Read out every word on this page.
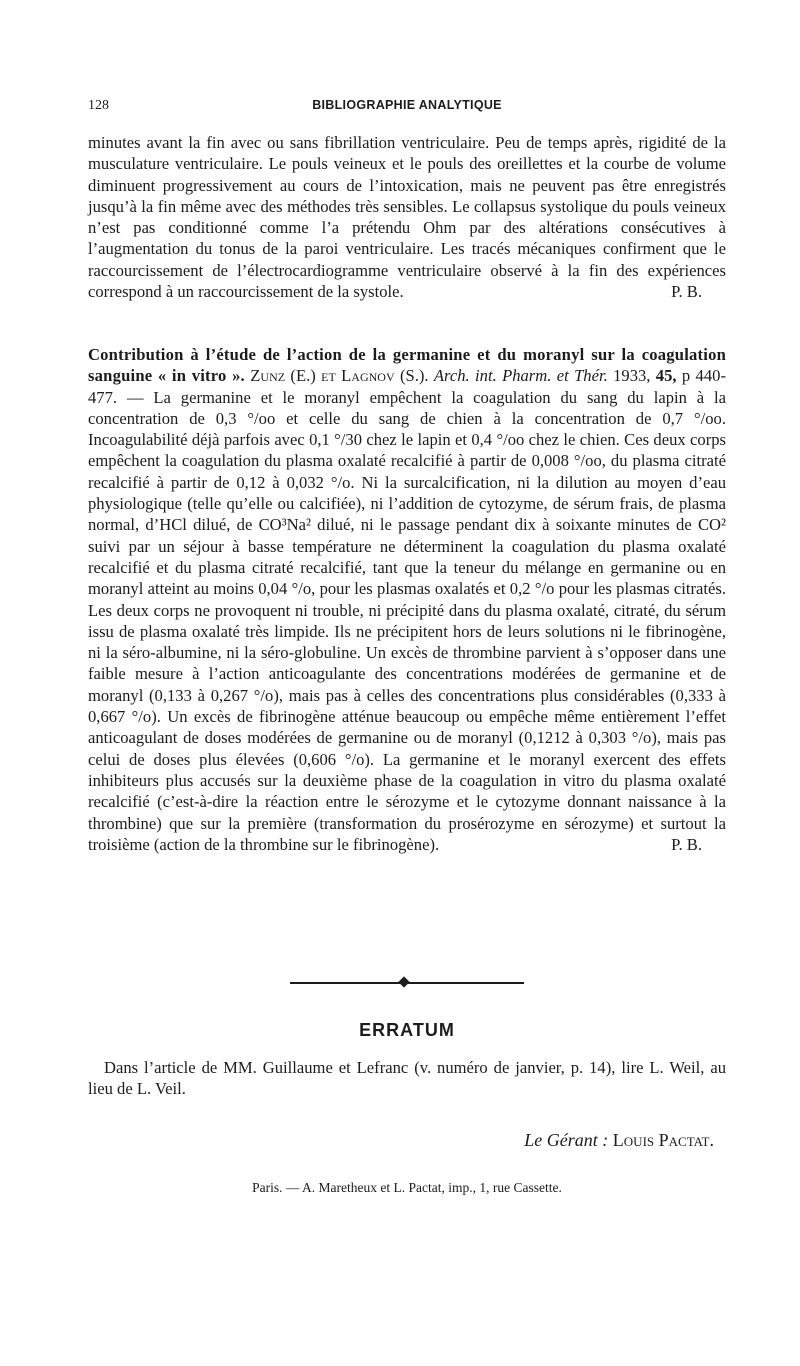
128	BIBLIOGRAPHIE ANALYTIQUE
minutes avant la fin avec ou sans fibrillation ventriculaire. Peu de temps après, rigidité de la musculature ventriculaire. Le pouls veineux et le pouls des oreillettes et la courbe de volume diminuent progressivement au cours de l’intoxication, mais ne peuvent pas être enregistrés jusqu’à la fin même avec des méthodes très sensibles. Le collapsus systolique du pouls veineux n’est pas conditionné comme l’a prétendu Ohm par des altérations consécutives à l’augmentation du tonus de la paroi ventriculaire. Les tracés mécaniques confirment que le raccourcissement de l’électrocardiogramme ventriculaire observé à la fin des expériences correspond à un raccourcissement de la systole.	P. B.
Contribution à l’étude de l’action de la germanine et du moranyl sur la coagulation sanguine « in vitro ». Zunz (E.) et Lagnov (S.). Arch. int. Pharm. et Thér. 1933, 45, p 440-477. — La germanine et le moranyl empêchent la coagulation du sang du lapin à la concentration de 0,3 °/oo et celle du sang de chien à la concentration de 0,7 °/oo. Incoagulabilité déjà parfois avec 0,1 °/30 chez le lapin et 0,4 °/oo chez le chien. Ces deux corps empêchent la coagulation du plasma oxalaté recalcifié à partir de 0,008 °/oo, du plasma citraté recalcifié à partir de 0,12 à 0,032 °/o. Ni la surcalcification, ni la dilution au moyen d’eau physiologique (telle qu’elle ou calcifiée), ni l’addition de cytozyme, de sérum frais, de plasma normal, d’HCl dilué, de CO³Na² dilué, ni le passage pendant dix à soixante minutes de CO² suivi par un séjour à basse température ne déterminent la coagulation du plasma oxalaté recalcifié et du plasma citraté recalcifié, tant que la teneur du mélange en germanine ou en moranyl atteint au moins 0,04 °/o, pour les plasmas oxalatés et 0,2 °/o pour les plasmas citratés. Les deux corps ne provoquent ni trouble, ni précipité dans du plasma oxalaté, citraté, du sérum issu de plasma oxalaté très limpide. Ils ne précipitent hors de leurs solutions ni le fibrinogène, ni la séro-albumine, ni la séro-globuline. Un excès de thrombine parvient à s’opposer dans une faible mesure à l’action anticoagulante des concentrations modérées de germanine et de moranyl (0,133 à 0,267 °/o), mais pas à celles des concentrations plus considérables (0,333 à 0,667 °/o). Un excès de fibrinogène atténue beaucoup ou empêche même entièrement l’effet anticoagulant de doses modérées de germanine ou de moranyl (0,1212 à 0,303 °/o), mais pas celui de doses plus élevées (0,606 °/o). La germanine et le moranyl exercent des effets inhibiteurs plus accusés sur la deuxième phase de la coagulation in vitro du plasma oxalaté recalcifié (c’est-à-dire la réaction entre le sérozyme et le cytozyme donnant naissance à la thrombine) que sur la première (transformation du prosérozyme en sérozyme) et surtout la troisième (action de la thrombine sur le fibrinogène).	P. B.
ERRATUM
Dans l’article de MM. Guillaume et Lefranc (v. numéro de janvier, p. 14), lire L. Weil, au lieu de L. Veil.
Le Gérant : Louis Pactat.
Paris. — A. Maretheux et L. Pactat, imp., 1, rue Cassette.
